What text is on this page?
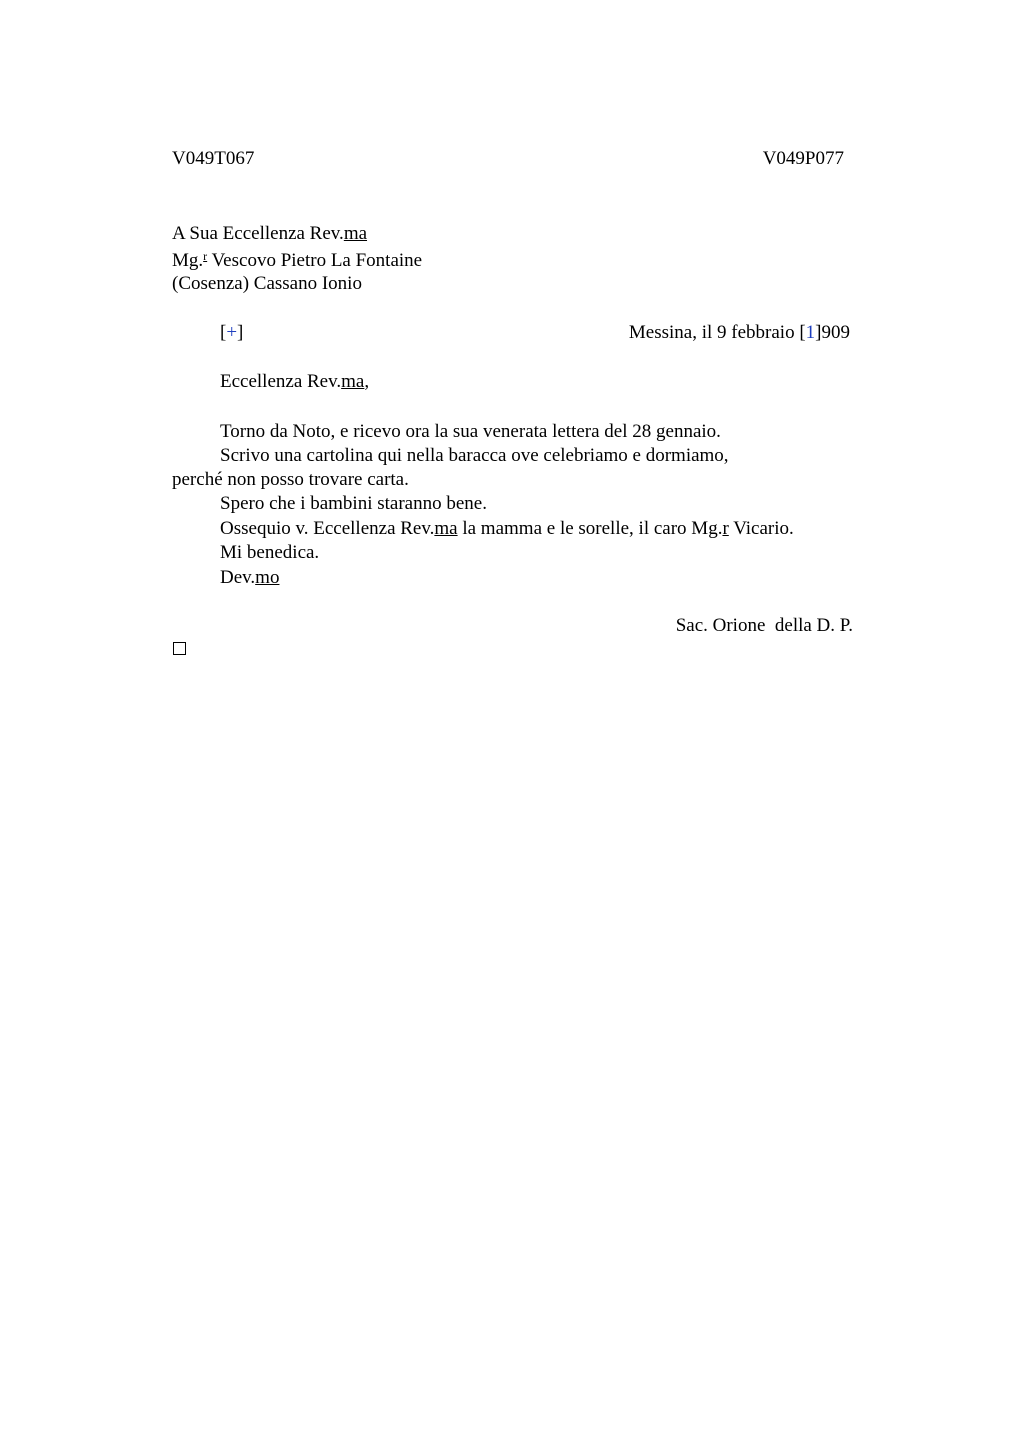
V049T067	V049P077
A Sua Eccellenza Rev.ma
Mg.$^r$ Vescovo Pietro La Fontaine
(Cosenza) Cassano Ionio
[+]	Messina, il 9 febbraio [1]909
Eccellenza Rev.ma,
Torno da Noto, e ricevo ora la sua venerata lettera del 28 gennaio.
Scrivo una cartolina qui nella baracca ove celebriamo e dormiamo,
perché non posso trovare carta.
Spero che i bambini staranno bene.
Ossequio v. Eccellenza Rev.ma la mamma e le sorelle, il caro Mg.r Vicario.
Mi benedica.
Dev.mo
Sac. Orione  della D. P.
